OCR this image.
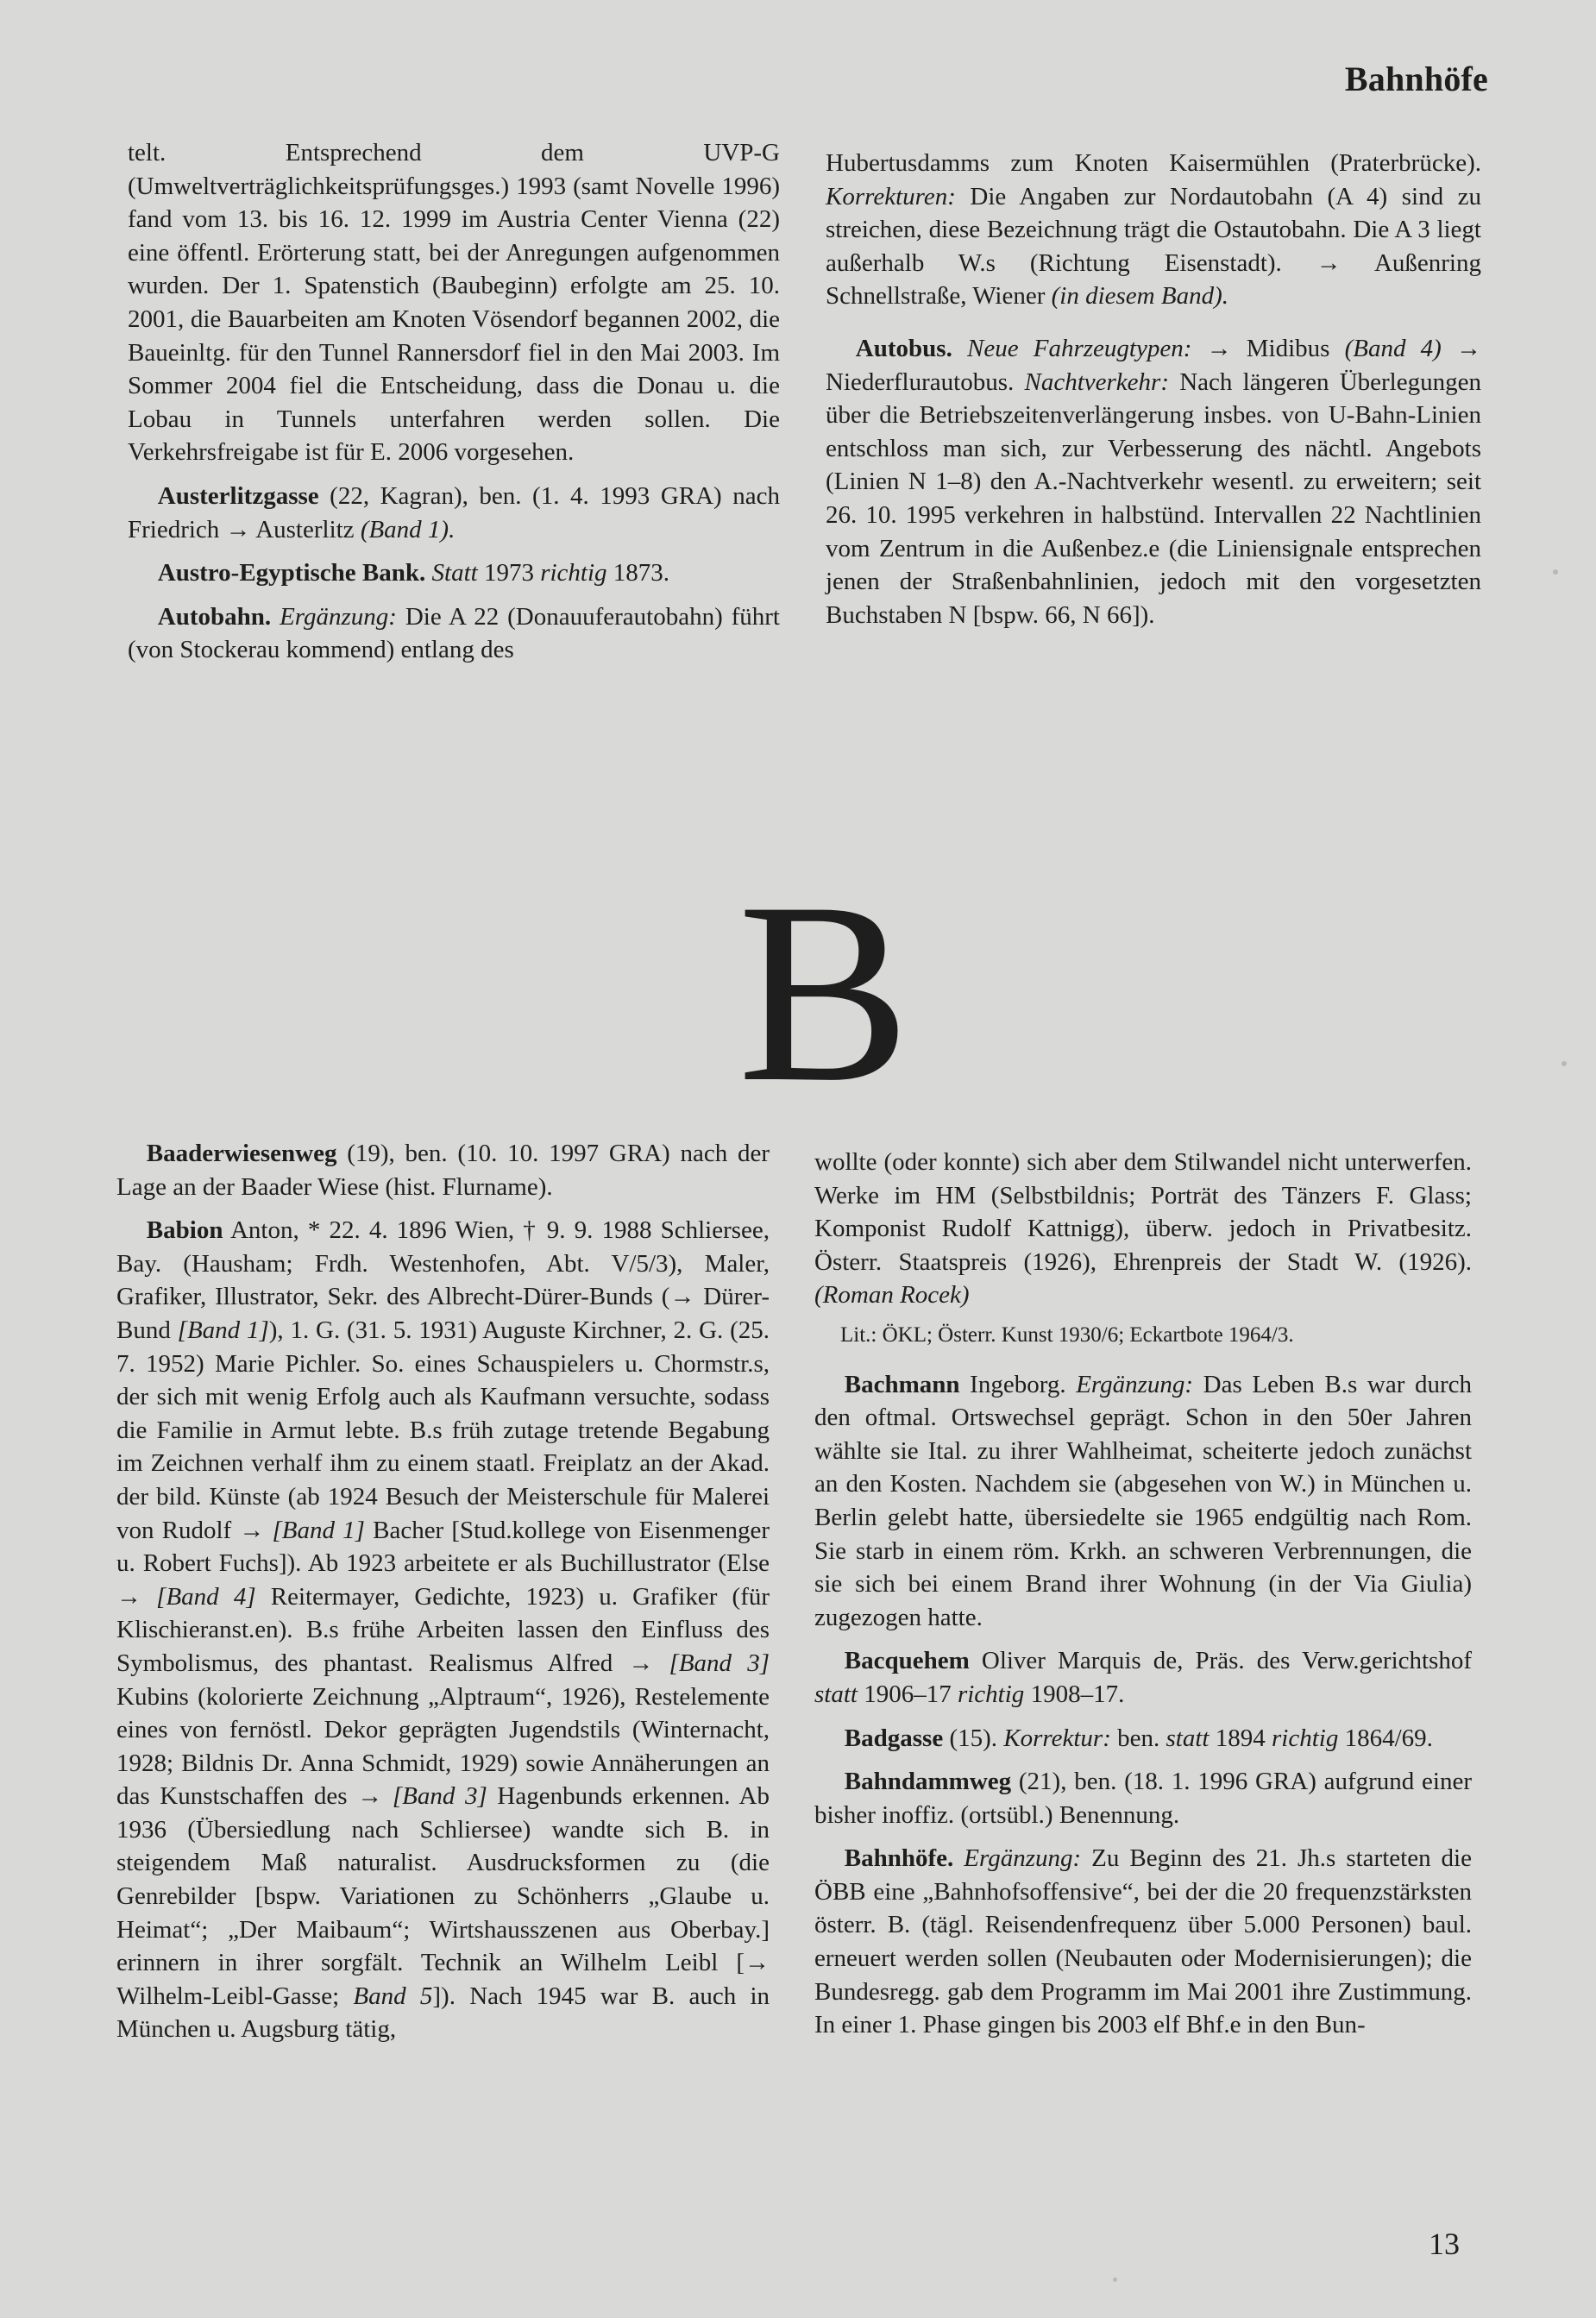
Bahnhöfe

telt. Entsprechend dem UVP-G (Umweltverträglichkeitsprüfungsges.) 1993 (samt Novelle 1996) fand vom 13. bis 16. 12. 1999 im Austria Center Vienna (22) eine öffentl. Erörterung statt, bei der Anregungen aufgenommen wurden. Der 1. Spatenstich (Baubeginn) erfolgte am 25. 10. 2001, die Bauarbeiten am Knoten Vösendorf begannen 2002, die Baueinltg. für den Tunnel Rannersdorf fiel in den Mai 2003. Im Sommer 2004 fiel die Entscheidung, dass die Donau u. die Lobau in Tunnels unterfahren werden sollen. Die Verkehrsfreigabe ist für E. 2006 vorgesehen.

Austerlitzgasse (22, Kagran), ben. (1. 4. 1993 GRA) nach Friedrich → Austerlitz (Band 1).

Austro-Egyptische Bank. Statt 1973 richtig 1873.

Autobahn. Ergänzung: Die A 22 (Donauuferautobahn) führt (von Stockerau kommend) entlang des

Hubertusdamms zum Knoten Kaisermühlen (Praterbrücke). Korrekturen: Die Angaben zur Nordautobahn (A 4) sind zu streichen, diese Bezeichnung trägt die Ostautobahn. Die A 3 liegt außerhalb W.s (Richtung Eisenstadt). → Außenring Schnellstraße, Wiener (in diesem Band).

Autobus. Neue Fahrzeugtypen: → Midibus (Band 4) → Niederflurautobus. Nachtverkehr: Nach längeren Überlegungen über die Betriebszeitenverlängerung insbes. von U-Bahn-Linien entschloss man sich, zur Verbesserung des nächtl. Angebots (Linien N 1–8) den A.-Nachtverkehr wesentl. zu erweitern; seit 26. 10. 1995 verkehren in halbstünd. Intervallen 22 Nachtlinien vom Zentrum in die Außenbez.e (die Liniensignale entsprechen jenen der Straßenbahnlinien, jedoch mit den vorgesetzten Buchstaben N [bspw. 66, N 66]).

B

Baaderwiesenweg (19), ben. (10. 10. 1997 GRA) nach der Lage an der Baader Wiese (hist. Flurname).

Babion Anton, * 22. 4. 1896 Wien, † 9. 9. 1988 Schliersee, Bay. (Hausham; Frdh. Westenhofen, Abt. V/5/3), Maler, Grafiker, Illustrator, Sekr. des Albrecht-Dürer-Bunds (→ Dürer-Bund [Band 1]), 1. G. (31. 5. 1931) Auguste Kirchner, 2. G. (25. 7. 1952) Marie Pichler. So. eines Schauspielers u. Chormstr.s, der sich mit wenig Erfolg auch als Kaufmann versuchte, sodass die Familie in Armut lebte. B.s früh zutage tretende Begabung im Zeichnen verhalf ihm zu einem staatl. Freiplatz an der Akad. der bild. Künste (ab 1924 Besuch der Meisterschule für Malerei von Rudolf → [Band 1] Bacher [Stud.kollege von Eisenmenger u. Robert Fuchs]). Ab 1923 arbeitete er als Buchillustrator (Else → [Band 4] Reitermayer, Gedichte, 1923) u. Grafiker (für Klischieranst.en). B.s frühe Arbeiten lassen den Einfluss des Symbolismus, des phantast. Realismus Alfred → [Band 3] Kubins (kolorierte Zeichnung „Alptraum“, 1926), Restelemente eines von fernöstl. Dekor geprägten Jugendstils (Winternacht, 1928; Bildnis Dr. Anna Schmidt, 1929) sowie Annäherungen an das Kunstschaffen des → [Band 3] Hagenbunds erkennen. Ab 1936 (Übersiedlung nach Schliersee) wandte sich B. in steigendem Maß naturalist. Ausdrucksformen zu (die Genrebilder [bspw. Variationen zu Schönherrs „Glaube u. Heimat“; „Der Maibaum“; Wirtshausszenen aus Oberbay.] erinnern in ihrer sorgfält. Technik an Wilhelm Leibl [→ Wilhelm-Leibl-Gasse; Band 5]). Nach 1945 war B. auch in München u. Augsburg tätig,

wollte (oder konnte) sich aber dem Stilwandel nicht unterwerfen. Werke im HM (Selbstbildnis; Porträt des Tänzers F. Glass; Komponist Rudolf Kattnigg), überw. jedoch in Privatbesitz. Österr. Staatspreis (1926), Ehrenpreis der Stadt W. (1926). (Roman Rocek)

Lit.: ÖKL; Österr. Kunst 1930/6; Eckartbote 1964/3.

Bachmann Ingeborg. Ergänzung: Das Leben B.s war durch den oftmal. Ortswechsel geprägt. Schon in den 50er Jahren wählte sie Ital. zu ihrer Wahlheimat, scheiterte jedoch zunächst an den Kosten. Nachdem sie (abgesehen von W.) in München u. Berlin gelebt hatte, übersiedelte sie 1965 endgültig nach Rom. Sie starb in einem röm. Krkh. an schweren Verbrennungen, die sie sich bei einem Brand ihrer Wohnung (in der Via Giulia) zugezogen hatte.

Bacquehem Oliver Marquis de, Präs. des Verw.gerichtshof statt 1906–17 richtig 1908–17.

Badgasse (15). Korrektur: ben. statt 1894 richtig 1864/69.

Bahndammweg (21), ben. (18. 1. 1996 GRA) aufgrund einer bisher inoffiz. (ortsübl.) Benennung.

Bahnhöfe. Ergänzung: Zu Beginn des 21. Jh.s starteten die ÖBB eine „Bahnhofsoffensive“, bei der die 20 frequenzstärksten österr. B. (tägl. Reisendenfrequenz über 5.000 Personen) baul. erneuert werden sollen (Neubauten oder Modernisierungen); die Bundesregg. gab dem Programm im Mai 2001 ihre Zustimmung. In einer 1. Phase gingen bis 2003 elf Bhf.e in den Bun-

13
